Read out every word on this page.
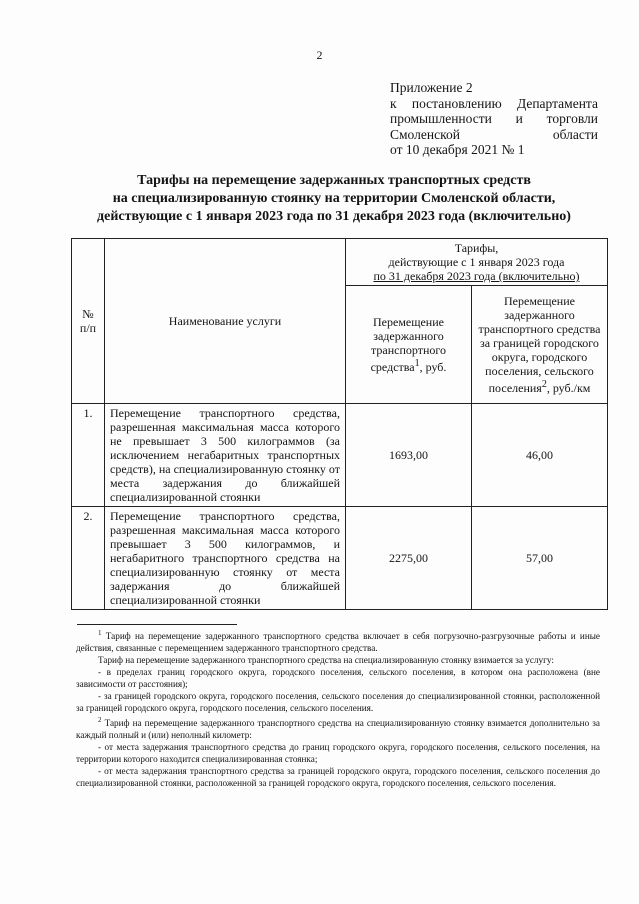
2
Приложение 2
к постановлению Департамента
промышленности и торговли
Смоленской	области
от 10 декабря 2021 № 1
Тарифы на перемещение задержанных транспортных средств
на специализированную стоянку на территории Смоленской области,
действующие с 1 января 2023 года по 31 декабря 2023 года (включительно)
№ п/п	Наименование услуги	Тарифы,
действующие с 1 января 2023 года
по 31 декабря 2023 года (включительно)	

		Перемещение задержанного транспортного средства$^1$, руб.	Перемещение задержанного транспортного средства за границей городского округа, городского поселения, сельского поселения$^2$, руб./км
1.	Перемещение транспортного средства, разрешенная максимальная масса которого не превышает 3 500 килограммов (за исключением негабаритных транспортных средств), на специализированную стоянку от места задержания до ближайшей специализированной стоянки	1693,00	46,00
2.	Перемещение транспортного средства, разрешенная максимальная масса которого превышает 3 500 килограммов, и негабаритного транспортного средства на специализированную стоянку от места задержания до ближайшей специализированной стоянки	2275,00	57,00

$^1$ Тариф на перемещение задержанного транспортного средства включает в себя погрузочно-разгрузочные работы и иные действия, связанные с перемещением задержанного транспортного средства.

Тариф на перемещение задержанного транспортного средства на специализированную стоянку взимается за услугу:

- в пределах границ городского округа, городского поселения, сельского поселения, в котором она расположена (вне зависимости от расстояния);

- за границей городского округа, городского поселения, сельского поселения до специализированной стоянки, расположенной за границей городского округа, городского поселения, сельского поселения.

$^2$ Тариф на перемещение задержанного транспортного средства на специализированную стоянку взимается дополнительно за каждый полный и (или) неполный километр:

- от места задержания транспортного средства до границ городского округа, городского поселения, сельского поселения, на территории которого находится специализированная стоянка;

- от места задержания транспортного средства за границей городского округа, городского поселения, сельского поселения до специализированной стоянки, расположенной за границей городского округа, городского поселения, сельского поселения.
